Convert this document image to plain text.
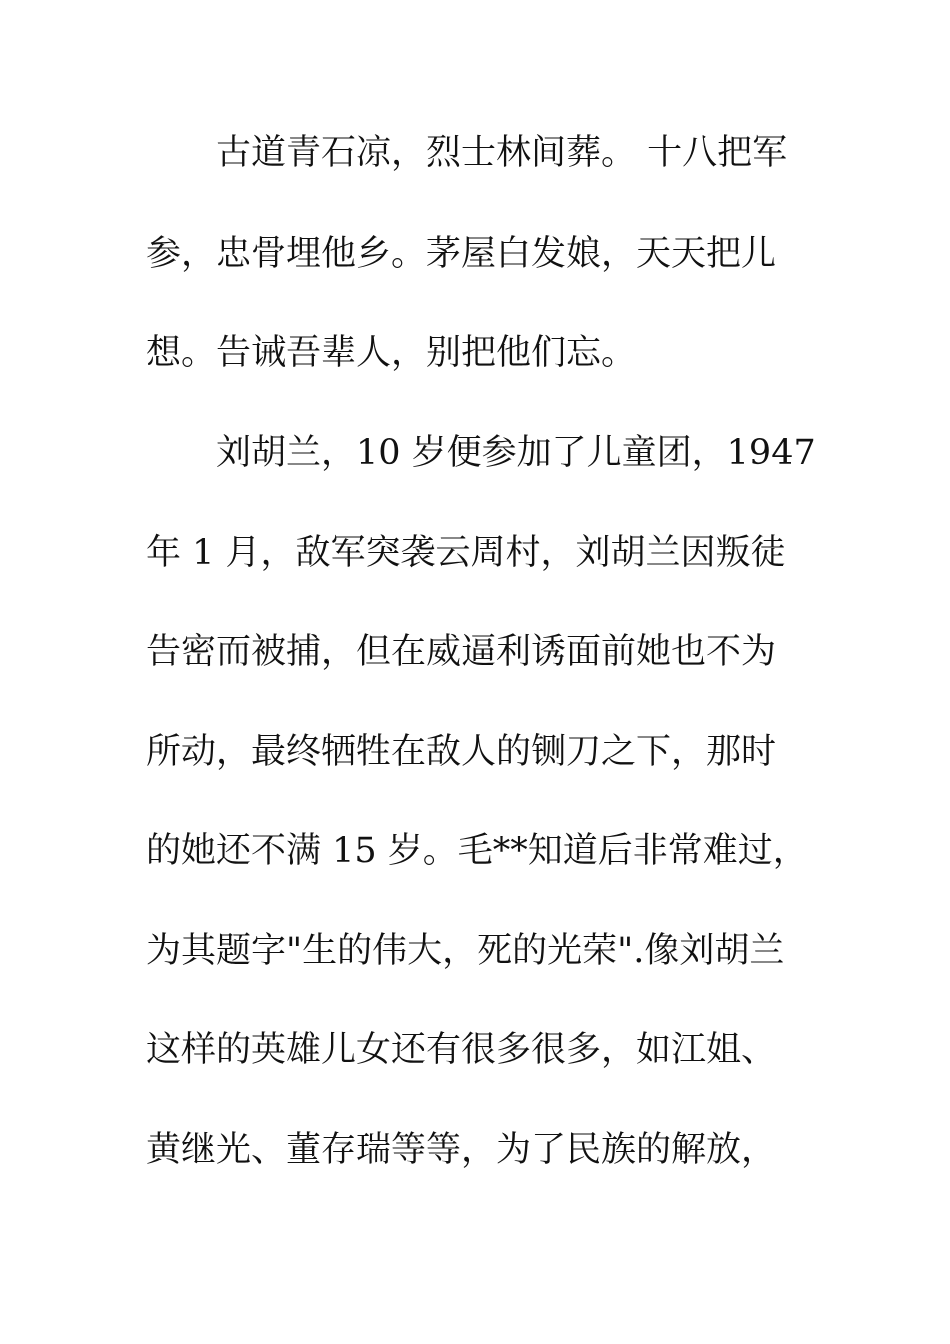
古道青石凉，烈士林间葬。 十八把军
参，忠骨埋他乡。茅屋白发娘，天天把儿
想。告诫吾辈人，别把他们忘。
刘胡兰，10 岁便参加了儿童团，1947
年 1 月，敌军突袭云周村，刘胡兰因叛徒
告密而被捕，但在威逼利诱面前她也不为
所动，最终牺牲在敌人的铡刀之下，那时
的她还不满 15 岁。毛**知道后非常难过，
为其题字"生的伟大，死的光荣".像刘胡兰
这样的英雄儿女还有很多很多，如江姐、
黄继光、董存瑞等等，为了民族的解放，
